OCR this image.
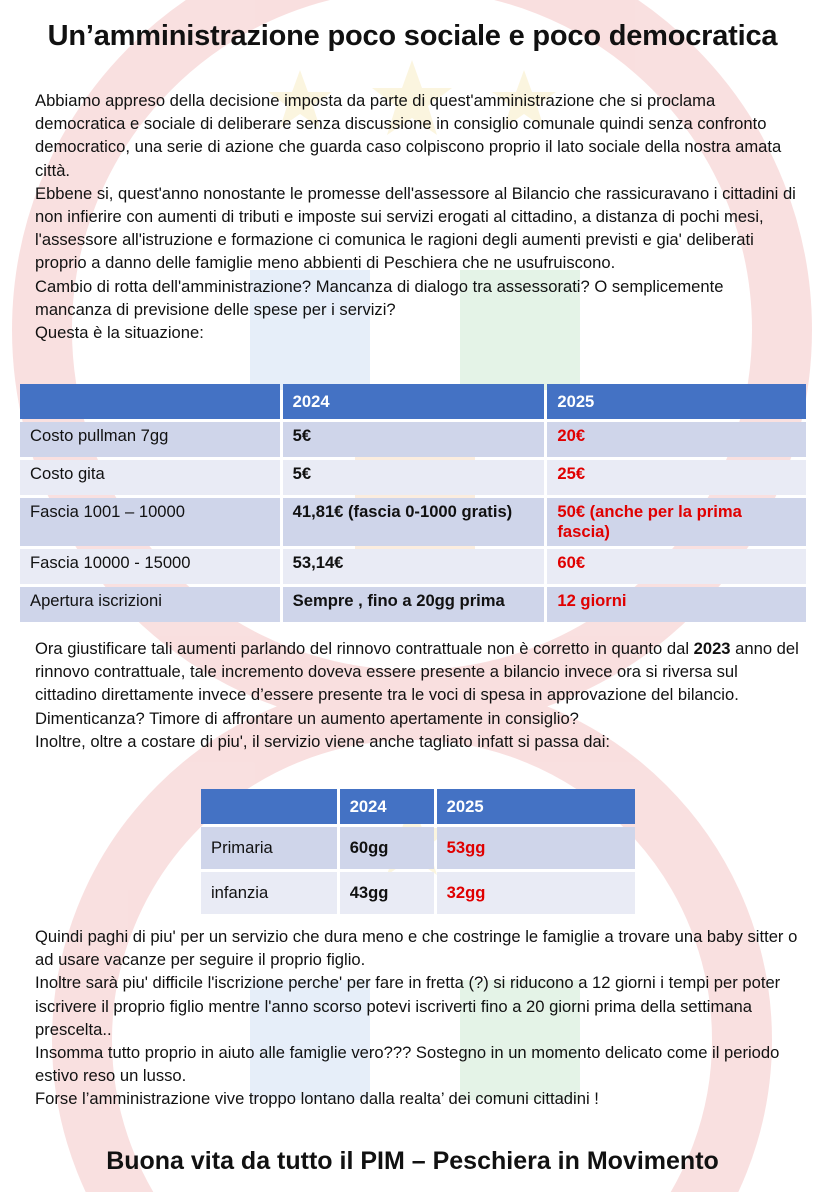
Un’amministrazione poco sociale e poco democratica

Abbiamo appreso della decisione imposta da parte di quest'amministrazione che si proclama democratica e sociale di deliberare senza discussione in consiglio comunale quindi senza confronto democratico, una serie di azione che guarda caso colpiscono proprio il lato sociale della nostra amata città.

Ebbene si, quest'anno nonostante le promesse dell'assessore al Bilancio che rassicuravano i cittadini di non infierire con aumenti di tributi e imposte sui servizi erogati al cittadino, a distanza di pochi mesi, l'assessore all'istruzione e formazione ci comunica le ragioni degli aumenti previsti e gia' deliberati proprio a danno delle famiglie meno abbienti di Peschiera che ne usufruiscono.

Cambio di rotta dell'amministrazione? Mancanza di dialogo tra assessorati? O semplicemente mancanza di previsione delle spese per i servizi?

Questa è la situazione:

	2024	2025
Costo pullman 7gg	5€	20€
Costo gita	5€	25€
Fascia 1001 – 10000	41,81€ (fascia 0-1000 gratis)	50€ (anche per la prima fascia)
Fascia 10000 - 15000	53,14€	60€
Apertura iscrizioni	Sempre , fino a 20gg prima	12 giorni

Ora giustificare tali aumenti parlando del rinnovo contrattuale non è corretto in quanto dal 2023 anno del rinnovo contrattuale, tale incremento doveva essere presente a bilancio invece ora si riversa sul cittadino direttamente invece d’essere presente tra le voci di spesa in approvazione del bilancio.

Dimenticanza? Timore di affrontare un aumento apertamente in consiglio?

Inoltre, oltre a costare di piu', il servizio viene anche tagliato infatt si passa dai:

	2024	2025
Primaria	60gg	53gg
infanzia	43gg	32gg

Quindi paghi di piu' per un servizio che dura meno e che costringe le famiglie a trovare una baby sitter o ad usare vacanze per seguire il proprio figlio.

Inoltre sarà piu' difficile l'iscrizione perche' per fare in fretta (?) si riducono a 12 giorni i tempi per poter iscrivere il proprio figlio mentre l'anno scorso potevi iscriverti fino a 20 giorni prima della settimana prescelta..

Insomma tutto proprio in aiuto alle famiglie vero??? Sostegno in un momento delicato come il periodo estivo reso un lusso.

Forse l’amministrazione vive troppo lontano dalla realta’ dei comuni cittadini !

Buona vita da tutto il PIM – Peschiera in Movimento
